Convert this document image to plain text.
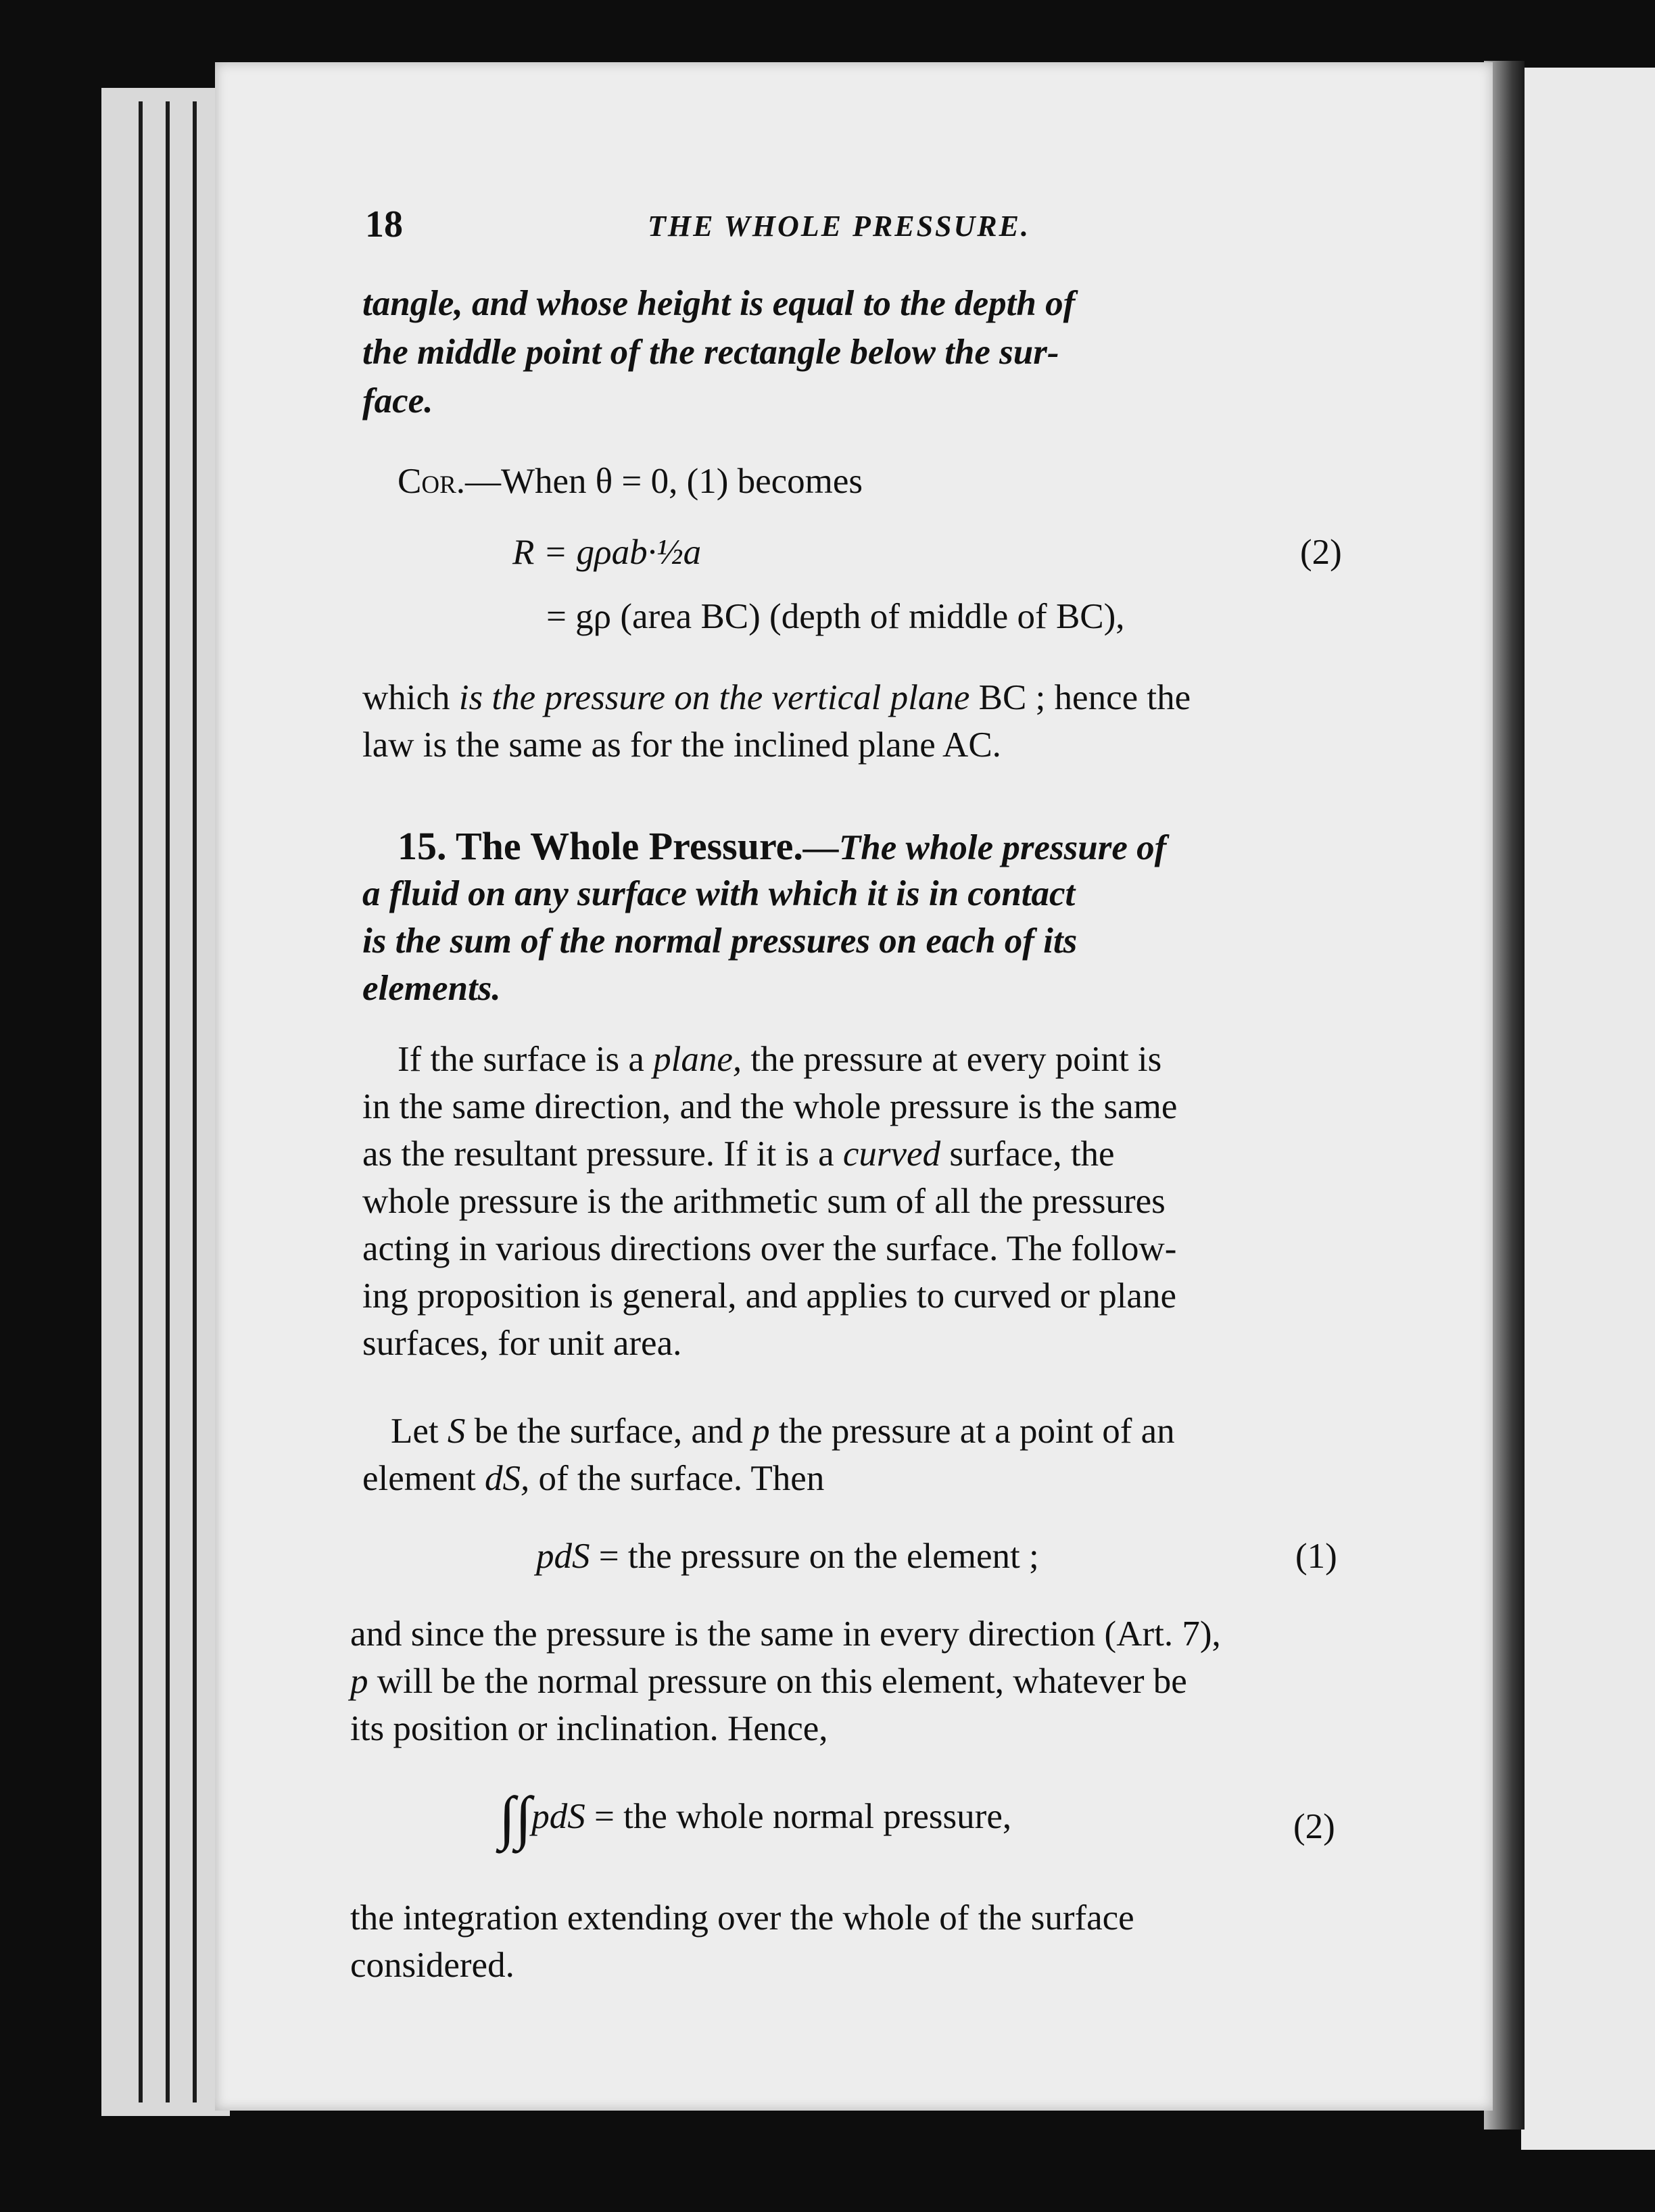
18	THE WHOLE PRESSURE.
tangle, and whose height is equal to the depth of
the middle point of the rectangle below the sur-
face.
Cor.—When θ = 0, (1) becomes
R = gρab·½a	(2)
= gρ (area BC) (depth of middle of BC),
which is the pressure on the vertical plane BC ; hence the
law is the same as for the inclined plane AC.
15. The Whole Pressure.—The whole pressure of
a fluid on any surface with which it is in contact
is the sum of the normal pressures on each of its
elements.
If the surface is a plane, the pressure at every point is
in the same direction, and the whole pressure is the same
as the resultant pressure. If it is a curved surface, the
whole pressure is the arithmetic sum of all the pressures
acting in various directions over the surface. The follow-
ing proposition is general, and applies to curved or plane
surfaces, for unit area.
Let S be the surface, and p the pressure at a point of an
element dS, of the surface. Then
pdS = the pressure on the element ;	(1)
and since the pressure is the same in every direction (Art. 7),
p will be the normal pressure on this element, whatever be
its position or inclination. Hence,
∫∫pdS = the whole normal pressure,	(2)
the integration extending over the whole of the surface
considered.
